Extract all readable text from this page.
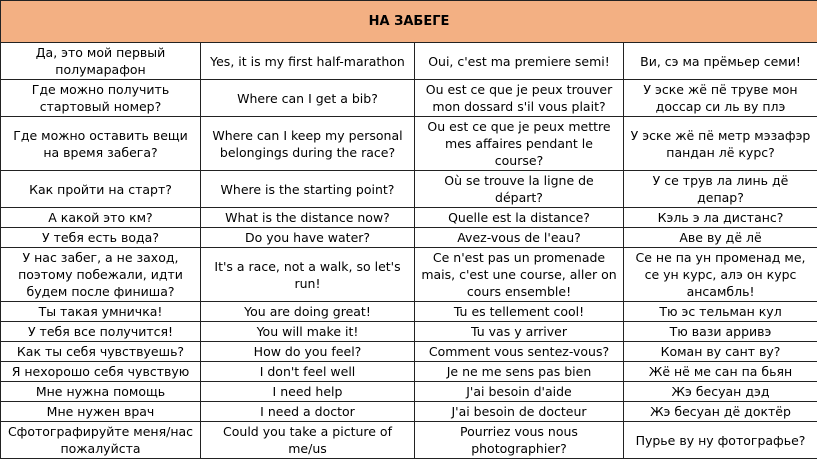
НА ЗАБЕГЕ			
Да, это мой первый полумарафон	Yes, it is my first half-marathon	Oui, c'est ma premiere semi!	Ви, сэ ма прёмьер семи!
Где можно получить стартовый номер?	Where can I get a bib?	Ou est ce que je peux trouver mon dossard s'il vous plait?	У эске жё пё труве мон доссар си ль ву плэ
Где можно оставить вещи на время забега?	Where can I keep my personal belongings during the race?	Ou est ce que je peux mettre mes affaires pendant le course?	У эске жё пё метр мэзафэр пандан лё курс?
Как пройти на старт?	Where is the starting point?	Où se trouve la ligne de départ?	У се трув ла линь дё депар?
А какой это км?	What is the distance now?	Quelle est la distance?	Кэль э ла дистанс?
У тебя есть вода?	Do you have water?	Avez-vous de l'eau?	Аве ву дё лё
У нас забег, а не заход, поэтому побежали, идти будем после финиша?	It's a race, not a walk, so let's run!	Ce n'est pas un promenade mais, c'est une course, aller on cours ensemble!	Се не па ун променад ме, се ун курс, алэ он курс ансамбль!
Ты такая умничка!	You are doing great!	Tu es tellement cool!	Тю эс тельман кул
У тебя все получится!	You will make it!	Tu vas y arriver	Тю вази арривэ
Как ты себя чувствуешь?	How do you feel?	Comment vous sentez-vous?	Коман ву сант ву?
Я нехорошо себя чувствую	I don't feel well	Je ne me sens pas bien	Жё нё ме сан па бьян
Мне нужна помощь	I need help	J'ai besoin d'aide	Жэ бесуан дэд
Мне нужен врач	I need a doctor	J'ai besoin de docteur	Жэ бесуан дё доктёр
Сфотографируйте меня/нас пожалуйста	Could you take a picture of me/us	Pourriez vous nous photographier?	Пурье ву ну фотографье?
